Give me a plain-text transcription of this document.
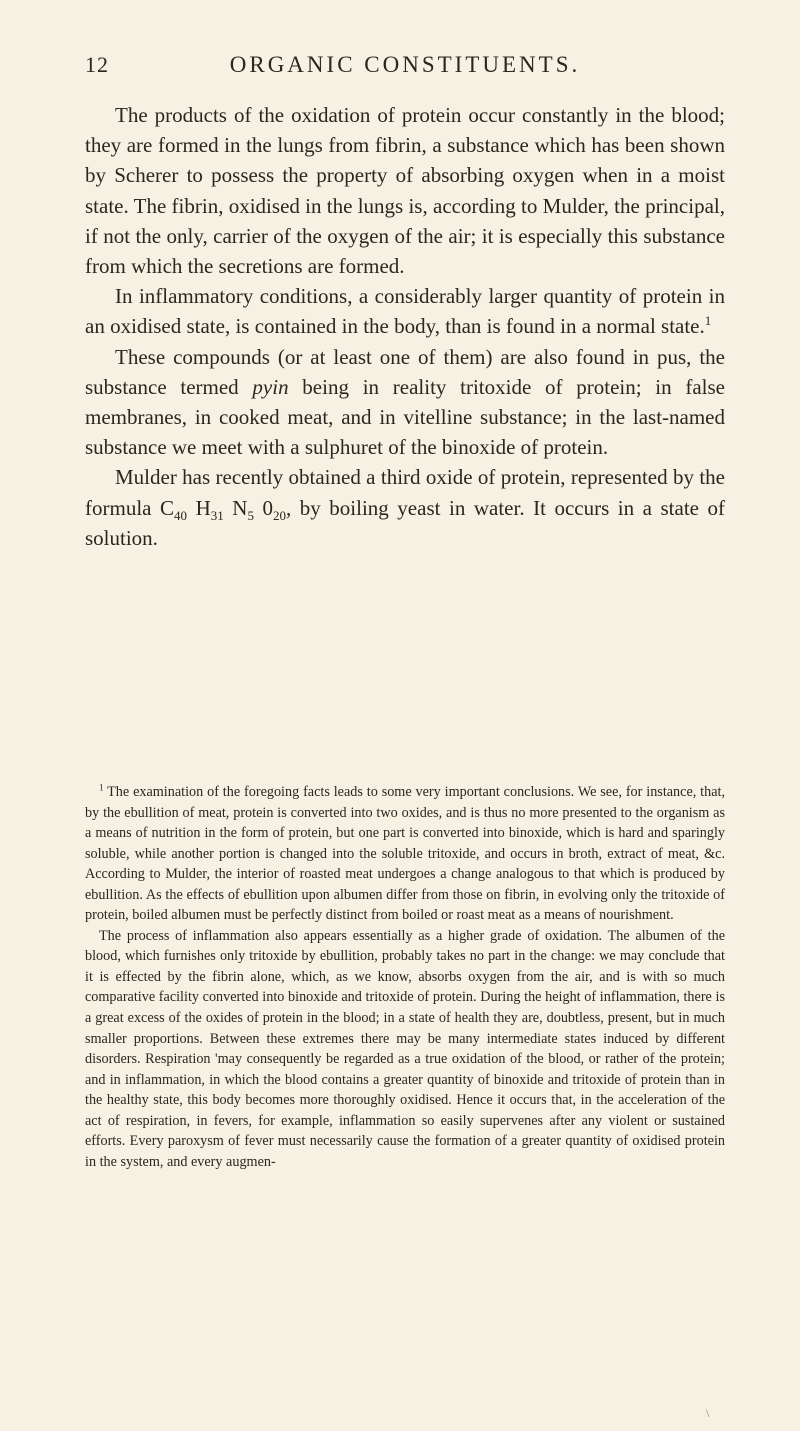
12	ORGANIC CONSTITUENTS.

The products of the oxidation of protein occur constantly in the blood; they are formed in the lungs from fibrin, a substance which has been shown by Scherer to possess the property of absorbing oxygen when in a moist state. The fibrin, oxidised in the lungs is, according to Mulder, the principal, if not the only, carrier of the oxygen of the air; it is especially this substance from which the secretions are formed.

In inflammatory conditions, a considerably larger quantity of protein in an oxidised state, is contained in the body, than is found in a normal state.$^1$

These compounds (or at least one of them) are also found in pus, the substance termed pyin being in reality tritoxide of protein; in false membranes, in cooked meat, and in vitelline substance; in the last-named substance we meet with a sulphuret of the binoxide of protein.

Mulder has recently obtained a third oxide of protein, represented by the formula $C_{40}$ $H_{31}$ $N_5$ $0_{20}$, by boiling yeast in water. It occurs in a state of solution.

$^1$ The examination of the foregoing facts leads to some very important conclusions. We see, for instance, that, by the ebullition of meat, protein is converted into two oxides, and is thus no more presented to the organism as a means of nutrition in the form of protein, but one part is converted into binoxide, which is hard and sparingly soluble, while another portion is changed into the soluble tritoxide, and occurs in broth, extract of meat, &c. According to Mulder, the interior of roasted meat undergoes a change analogous to that which is produced by ebullition. As the effects of ebullition upon albumen differ from those on fibrin, in evolving only the tritoxide of protein, boiled albumen must be perfectly distinct from boiled or roast meat as a means of nourishment.

The process of inflammation also appears essentially as a higher grade of oxidation. The albumen of the blood, which furnishes only tritoxide by ebullition, probably takes no part in the change: we may conclude that it is effected by the fibrin alone, which, as we know, absorbs oxygen from the air, and is with so much comparative facility converted into binoxide and tritoxide of protein. During the height of inflammation, there is a great excess of the oxides of protein in the blood; in a state of health they are, doubtless, present, but in much smaller proportions. Between these extremes there may be many intermediate states induced by different disorders. Respiration 'may consequently be regarded as a true oxidation of the blood, or rather of the protein; and in inflammation, in which the blood contains a greater quantity of binoxide and tritoxide of protein than in the healthy state, this body becomes more thoroughly oxidised. Hence it occurs that, in the acceleration of the act of respiration, in fevers, for example, inflammation so easily supervenes after any violent or sustained efforts. Every paroxysm of fever must necessarily cause the formation of a greater quantity of oxidised protein in the system, and every augmen-

\
